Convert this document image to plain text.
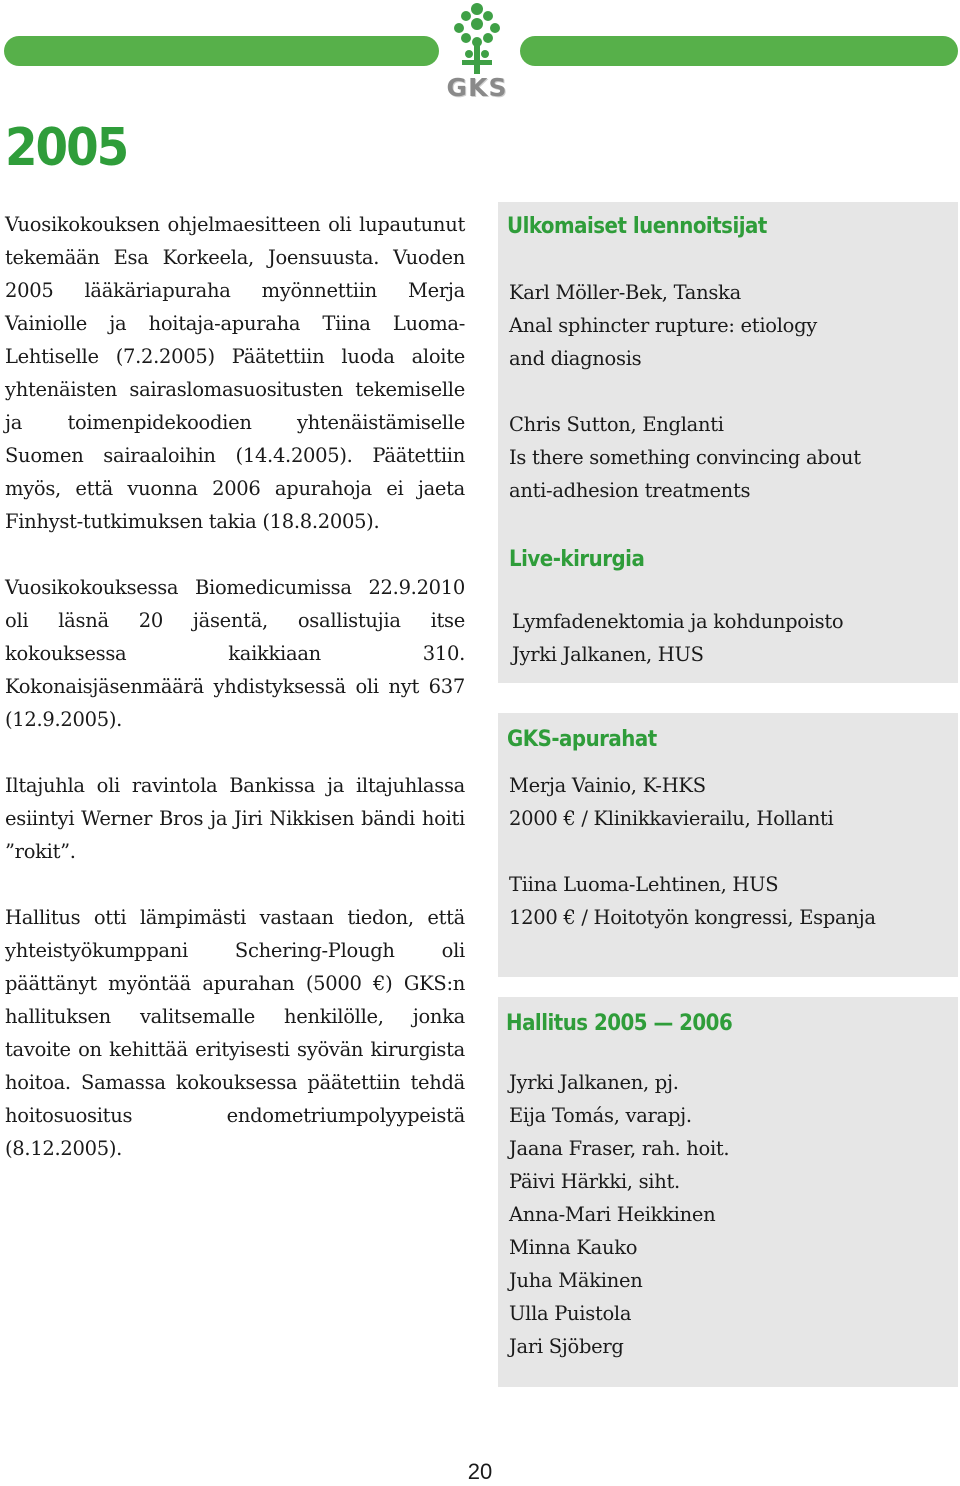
GKS
2005

Vuosikokouksen ohjelmaesitteen oli lupautunut tekemään Esa Korkeela, Joensuusta. Vuoden 2005 lääkäriapuraha myönnettiin Merja Vainiolle ja hoitaja-apuraha Tiina Luoma-Lehtiselle (7.2.2005) Päätettiin luoda aloite yhtenäisten sairaslomasuositusten tekemiselle ja toimenpidekoodien yhtenäistämiselle Suomen sairaaloihin (14.4.2005). Päätettiin myös, että vuonna 2006 apurahoja ei jaeta Finhyst-tutkimuksen takia (18.8.2005).

Vuosikokouksessa Biomedicumissa 22.9.2010 oli läsnä 20 jäsentä, osallistujia itse kokouksessa kaikkiaan 310. Kokonaisjäsenmäärä yhdistyksessä oli nyt 637 (12.9.2005).

Iltajuhla oli ravintola Bankissa ja iltajuhlassa esiintyi Werner Bros ja Jiri Nikkisen bändi hoiti ”rokit”.

Hallitus otti lämpimästi vastaan tiedon, että yhteistyökumppani Schering-Plough oli päättänyt myöntää apurahan (5000 €) GKS:n hallituksen valitsemalle henkilölle, jonka tavoite on kehittää erityisesti syövän kirurgista hoitoa. Samassa kokouksessa päätettiin tehdä hoitosuositus endometriumpolyypeistä (8.12.2005).

Ulkomaiset luennoitsijat
Karl Möller-Bek, Tanska
Anal sphincter rupture: etiology
and diagnosis
Chris Sutton, Englanti
Is there something convincing about
anti-adhesion treatments
Live-kirurgia
Lymfadenektomia ja kohdunpoisto
Jyrki Jalkanen, HUS
GKS-apurahat
Merja Vainio, K-HKS
2000 € / Klinikkavierailu, Hollanti
Tiina Luoma-Lehtinen, HUS
1200 € / Hoitotyön kongressi, Espanja
Hallitus 2005 — 2006
Jyrki Jalkanen, pj.
Eija Tomás, varapj.
Jaana Fraser, rah. hoit.
Päivi Härkki, siht.
Anna-Mari Heikkinen
Minna Kauko
Juha Mäkinen
Ulla Puistola
Jari Sjöberg
20
